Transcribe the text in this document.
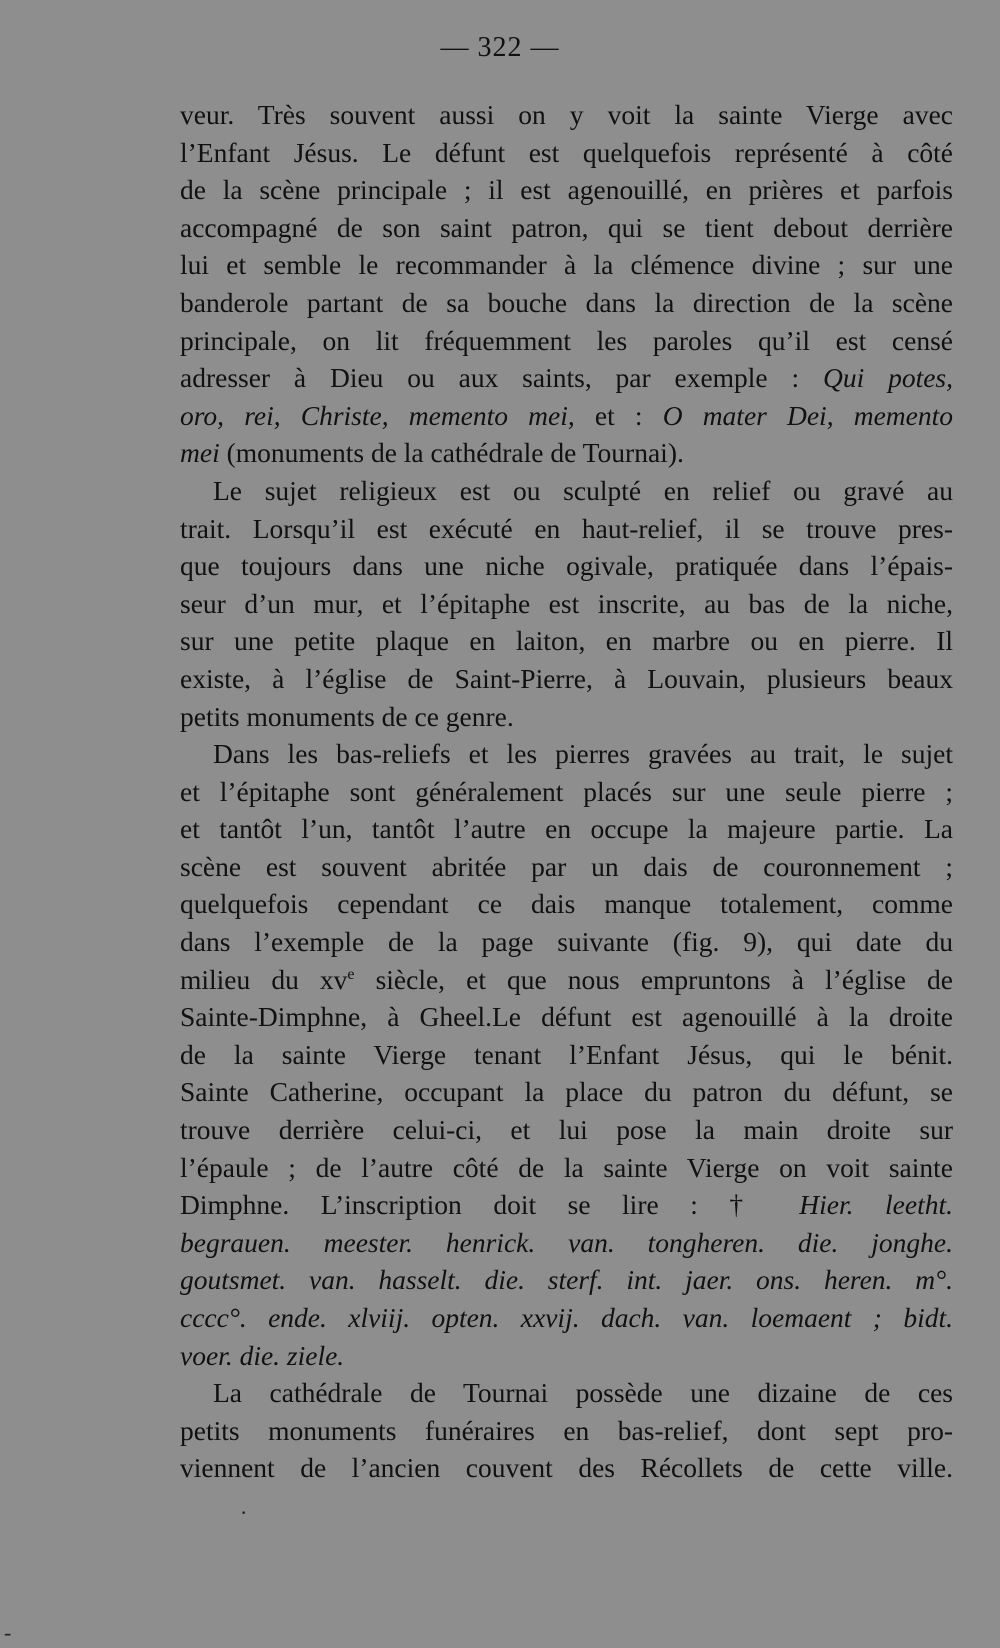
— 322 —
veur. Très souvent aussi on y voit la sainte Vierge avec
l’Enfant Jésus. Le défunt est quelquefois représenté à côté
de la scène principale ; il est agenouillé, en prières et parfois
accompagné de son saint patron, qui se tient debout derrière
lui et semble le recommander à la clémence divine ; sur une
banderole partant de sa bouche dans la direction de la scène
principale, on lit fréquemment les paroles qu’il est censé
adresser à Dieu ou aux saints, par exemple : Qui potes,
oro, rei, Christe, memento mei, et : O mater Dei, memento
mei (monuments de la cathédrale de Tournai).
Le sujet religieux est ou sculpté en relief ou gravé au
trait. Lorsqu’il est exécuté en haut-relief, il se trouve pres-
que toujours dans une niche ogivale, pratiquée dans l’épais-
seur d’un mur, et l’épitaphe est inscrite, au bas de la niche,
sur une petite plaque en laiton, en marbre ou en pierre. Il
existe, à l’église de Saint-Pierre, à Louvain, plusieurs beaux
petits monuments de ce genre.
Dans les bas-reliefs et les pierres gravées au trait, le sujet
et l’épitaphe sont généralement placés sur une seule pierre ;
et tantôt l’un, tantôt l’autre en occupe la majeure partie. La
scène est souvent abritée par un dais de couronnement ;
quelquefois cependant ce dais manque totalement, comme
dans l’exemple de la page suivante (fig. 9), qui date du
milieu du $xv^e$ siècle, et que nous empruntons à l’église de
Sainte-Dimphne, à Gheel.Le défunt est agenouillé à la droite
de la sainte Vierge tenant l’Enfant Jésus, qui le bénit.
Sainte Catherine, occupant la place du patron du défunt, se
trouve derrière celui-ci, et lui pose la main droite sur
l’épaule ; de l’autre côté de la sainte Vierge on voit sainte
Dimphne. L’inscription doit se lire : † Hier. leetht.
begrauen. meester. henrick. van. tongheren. die. jonghe.
goutsmet. van. hasselt. die. sterf. int. jaer. ons. heren. m°.
cccc°. ende. xlviij. opten. xxvij. dach. van. loemaent ; bidt.
voer. die. ziele.
La cathédrale de Tournai possède une dizaine de ces
petits monuments funéraires en bas-relief, dont sept pro-
viennent de l’ancien couvent des Récollets de cette ville.
·
-
